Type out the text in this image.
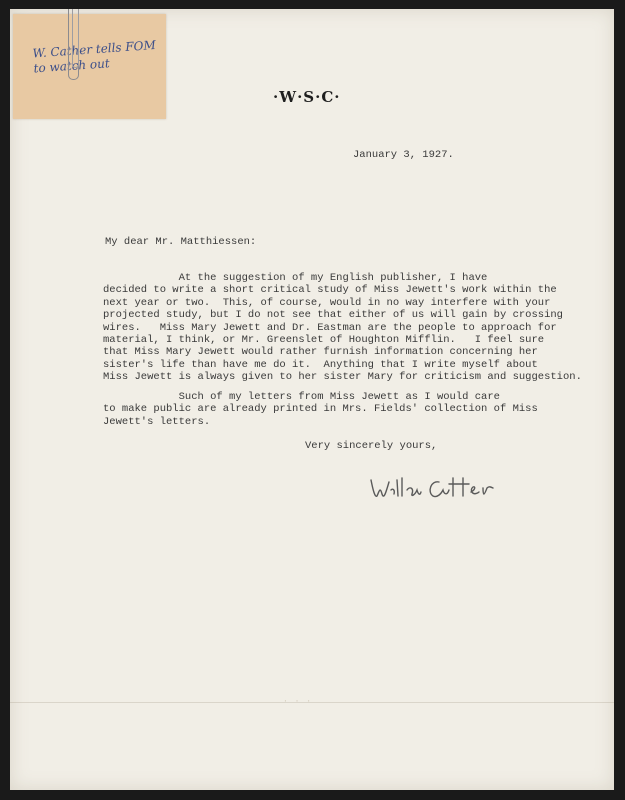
W. Cather tells FOM
to watch out
·W·S·C·
January 3, 1927.
My dear Mr. Matthiessen:
At the suggestion of my English publisher, I have
decided to write a short critical study of Miss Jewett's work within the
next year or two.  This, of course, would in no way interfere with your
projected study, but I do not see that either of us will gain by crossing
wires.   Miss Mary Jewett and Dr. Eastman are the people to approach for
material, I think, or Mr. Greenslet of Houghton Mifflin.   I feel sure
that Miss Mary Jewett would rather furnish information concerning her
sister's life than have me do it.  Anything that I write myself about
Miss Jewett is always given to her sister Mary for criticism and suggestion.
Such of my letters from Miss Jewett as I would care
to make public are already printed in Mrs. Fields' collection of Miss
Jewett's letters.
Very sincerely yours,
· · ·
